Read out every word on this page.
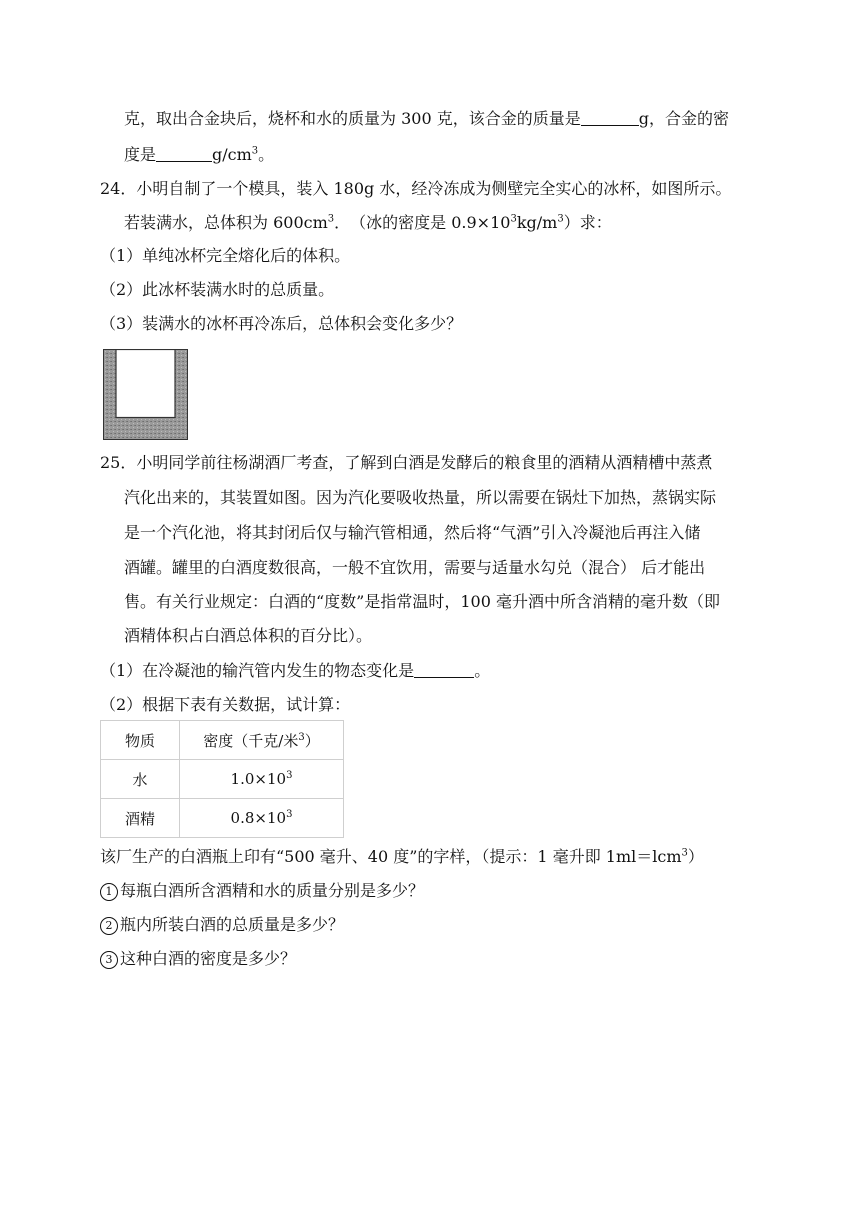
克，取出合金块后，烧杯和水的质量为 300 克，该合金的质量是	g，合金的密
度是	$g/cm^3$。
24．小明自制了一个模具，装入 180g 水，经冷冻成为侧壁完全实心的冰杯，如图所示。
若装满水，总体积为 $600cm^3$．　（冰的密度是 $0.9\times 10^3kg/m^3$）求：
（1）单纯冰杯完全熔化后的体积。
（2）此冰杯装满水时的总质量。
（3）装满水的冰杯再冷冻后，总体积会变化多少？
25．小明同学前往杨湖酒厂考查，了解到白酒是发酵后的粮食里的酒精从酒精槽中蒸煮
汽化出来的，其装置如图。因为汽化要吸收热量，所以需要在锅灶下加热，蒸锅实际
是一个汽化池，将其封闭后仅与输汽管相通，然后将“气酒”引入冷凝池后再注入储
酒罐。罐里的白酒度数很高，一般不宜饮用，需要与适量水勾兑（混合） 后才能出
售。有关行业规定：白酒的“度数”是指常温时，100 毫升酒中所含消精的毫升数（即
酒精体积占白酒总体积的百分比）。
（1）在冷凝池的输汽管内发生的物态变化是	。
（2）根据下表有关数据，试计算：
物质	密度（千克/米$^3$）
水	$1.0\times 10^3$
酒精	$0.8\times 10^3$
该厂生产的白酒瓶上印有“500 毫升、40 度”的字样，（提示：1 毫升即 1ml＝lcm$^3$）
1 每瓶白酒所含酒精和水的质量分别是多少？
2 瓶内所装白酒的总质量是多少？
3 这种白酒的密度是多少？
